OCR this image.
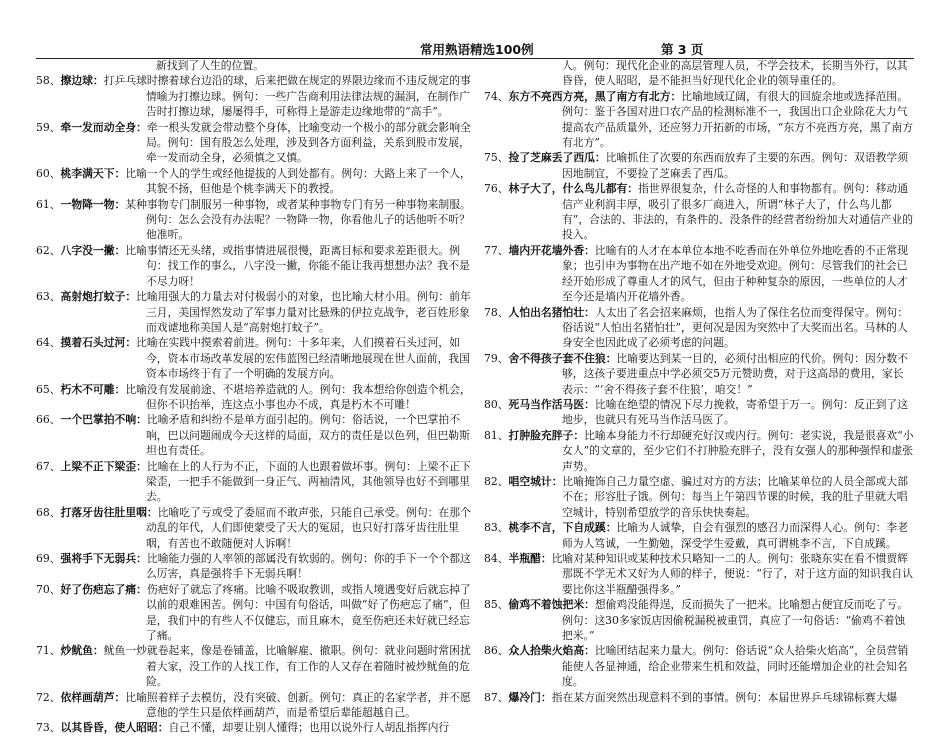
常用熟语精选100例	第 3 页

新找到了人生的位置。

58、擦边球：打乒乓球时擦着球台边沿的球，后来把做在规定的界限边缘而不违反规定的事情喻为打擦边球。例句：一些广告商利用法律法规的漏洞，在制作广告时打擦边球，屡屡得手，可称得上是游走边缘地带的“高手”。

59、牵一发而动全身：牵一根头发就会带动整个身体，比喻变动一个极小的部分就会影响全局。例句：国有股怎么处理，涉及到各方面利益，关系到股市发展，牵一发而动全身，必须慎之又慎。

60、桃李满天下：比喻一个人的学生或经他提拔的人到处都有。例句：大路上来了一个人，其貌不扬，但他是个桃李满天下的教授。

61、一物降一物：某种事物专门制服另一种事物，或者某种事物专门有另一种事物来制服。例句：怎么会没有办法呢？一物降一物，你看他儿子的话他听不听？他准听。

62、八字没一撇：比喻事情还无头绪，或指事情进展很慢，距离目标和要求差距很大。例句：找工作的事么，八字没一撇，你能不能让我再想想办法？我不是不尽力呀！

63、高射炮打蚊子：比喻用强大的力量去对付极弱小的对象，也比喻大材小用。例句：前年三月，美国悍然发动了军事力量对比悬殊的伊拉克战争，老百姓形象而戏谑地称美国人是“高射炮打蚊子”。

64、摸着石头过河：比喻在实践中摸索着前进。例句：十多年来，人们摸着石头过河，如今，资本市场改革发展的宏伟蓝图已经清晰地展现在世人面前，我国资本市场终于有了一个明确的发展方向。

65、朽木不可雕：比喻没有发展前途、不堪培养造就的人。例句：我本想给你创造个机会，但你不识抬举，连这点小事也办不成，真是朽木不可雕！

66、一个巴掌拍不响：比喻矛盾和纠纷不是单方面引起的。例句：俗话说，一个巴掌拍不响，巴以问题闹成今天这样的局面，双方的责任是以色列，但巴勒斯坦也有责任。

67、上梁不正下梁歪：比喻在上的人行为不正，下面的人也跟着做坏事。例句：上梁不正下梁歪，一把手不能做到一身正气、两袖清风，其他领导也好不到哪里去。

68、打落牙齿往肚里咽：比喻吃了亏或受了委屈而不敢声张，只能自己承受。例句：在那个动乱的年代，人们即使蒙受了天大的冤屈，也只好打落牙齿往肚里咽，有苦也不敢随便对人诉啊！

69、强将手下无弱兵：比喻能力强的人率领的部属没有软弱的。例句：你的手下一个个都这么厉害，真是强将手下无弱兵啊！

70、好了伤疤忘了痛：伤疤好了就忘了疼痛。比喻不吸取教训，或指人境遇变好后就忘掉了以前的艰难困苦。例句：中国有句俗话，叫做“好了伤疤忘了痛”，但是，我们中的有些人不仅健忘，而且麻木，竟至伤疤还未好就已经忘了痛。

71、炒鱿鱼：鱿鱼一炒就卷起来，像是卷铺盖，比喻解雇、撤职。例句：就业问题时常困扰着大家，没工作的人找工作，有工作的人又存在着随时被炒鱿鱼的危险。

72、依样画葫芦：比喻照着样子去模仿，没有突破、创新。例句：真正的名家学者，并不愿意他的学生只是依样画葫芦，而是希望后辈能超越自己。

73、以其昏昏，使人昭昭：自己不懂，却要让别人懂得；也用以说外行人胡乱指挥内行

人。例句：现代化企业的高层管理人员，不学会技术，长期当外行，以其昏昏，使人昭昭，是不能担当好现代化企业的领导重任的。

74、东方不亮西方亮，黑了南方有北方：比喻地域辽阔，有很大的回旋余地或选择范围。例句：鉴于各国对进口农产品的检测标准不一，我国出口企业除花大力气提高农产品质量外，还应努力开拓新的市场，“东方不亮西方亮，黑了南方有北方”。

75、捡了芝麻丢了西瓜：比喻抓住了次要的东西而放弃了主要的东西。例句：双语教学须因地制宜，不要捡了芝麻丢了西瓜。

76、林子大了，什么鸟儿都有：指世界很复杂，什么奇怪的人和事物都有。例句：移动通信产业利润丰厚，吸引了很多厂商进入，所谓“林子大了，什么鸟儿都有”，合法的、非法的，有条件的、没条件的经营者纷纷加大对通信产业的投入。

77、墙内开花墙外香：比喻有的人才在本单位本地不吃香而在外单位外地吃香的不正常现象；也引申为事物在出产地不如在外地受欢迎。例句：尽管我们的社会已经开始形成了尊重人才的风气，但由于种种复杂的原因，一些单位的人才至今还是墙内开花墙外香。

78、人怕出名猪怕壮：人太出了名会招来麻烦，也指人为了保住名位而变得保守。例句：俗话说“人怕出名猪怕壮”，更何况是因为突然中了大奖而出名。马林的人身安全也因此成了必须考虑的问题。

79、舍不得孩子套不住狼：比喻要达到某一目的，必须付出相应的代价。例句：因分数不够，这孩子要进重点中学必须交5万元赞助费，对于这高昂的费用，家长表示：“‘舍不得孩子套不住狼’，咱交！”

80、死马当作活马医：比喻在绝望的情况下尽力挽救，寄希望于万一。例句：反正到了这地步，也就只有死马当作活马医了。

81、打肿脸充胖子：比喻本身能力不行却硬充好汉或内行。例句：老实说，我是很喜欢“小女人”的文章的，至少它们不打肿脸充胖子，没有女强人的那种强悍和虚张声势。

82、唱空城计：比喻掩饰自己力量空虚、骗过对方的方法；比喻某单位的人员全部或大部不在；形容肚子饿。例句：每当上午第四节课的时候，我的肚子里就大唱空城计，特别希望放学的音乐快快奏起。

83、桃李不言，下自成蹊：比喻为人诚挚，自会有强烈的感召力而深得人心。例句：李老师为人笃诚，一生勤勉，深受学生爱戴，真可谓桃李不言，下自成蹊。

84、半瓶醋：比喻对某种知识或某种技术只略知一二的人。例句：张晓东实在看不惯贾辉那既不学无术又好为人师的样子，便说：“行了，对于这方面的知识我自认要比你这半瓶醋强得多。”

85、偷鸡不着蚀把米：想偷鸡没能得逞，反而损失了一把米。比喻想占便宜反而吃了亏。例句：这30多家饭店因偷税漏税被重罚，真应了一句俗话：“偷鸡不着蚀把米。”

86、众人拾柴火焰高：比喻团结起来力量大。例句：俗话说“众人拾柴火焰高”，全员营销能使人各显神通，给企业带来生机和效益，同时还能增加企业的社会知名度。

87、爆冷门：指在某方面突然出现意料不到的事情。例句：本届世界乒乓球锦标赛大爆
